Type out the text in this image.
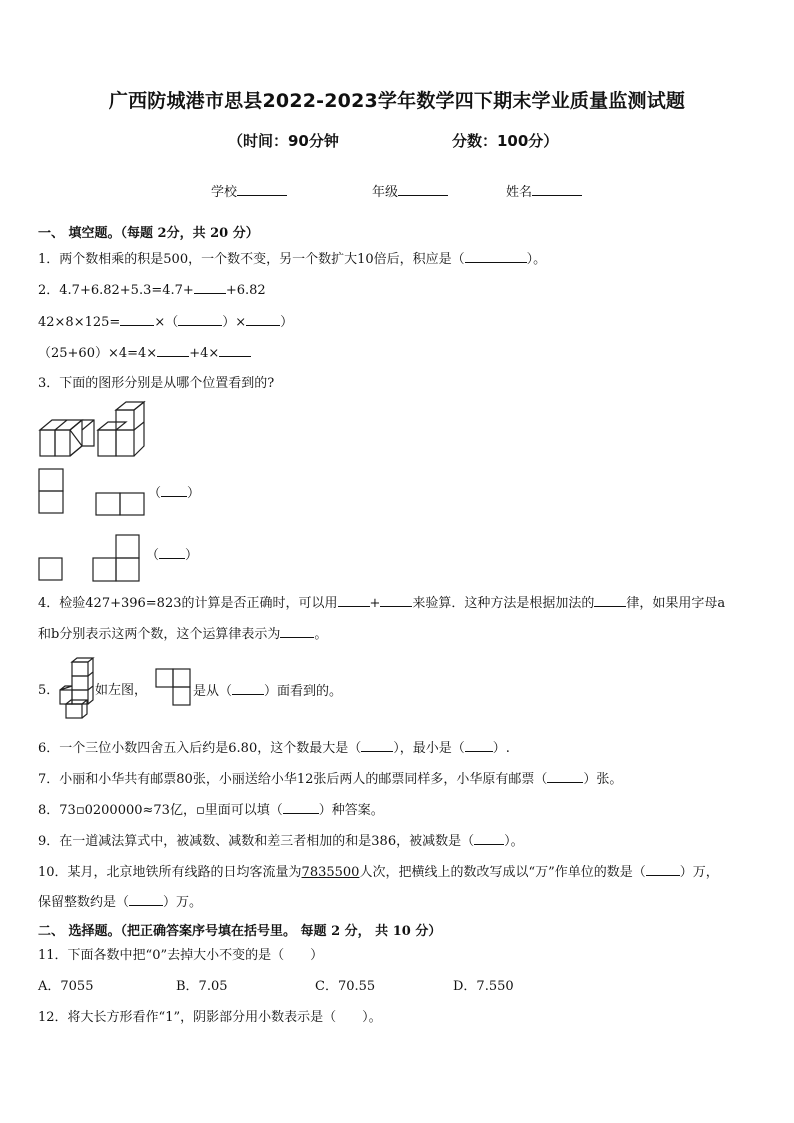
广西防城港市思县2022-2023学年数学四下期末学业质量监测试题
（时间：90分钟	分数：100分）
学校	年级	姓名
一、 填空题。（每题 2分，共 20 分）
1．两个数相乘的积是500，一个数不变，另一个数扩大10倍后，积应是（	）。
2．4.7+6.82+5.3=4.7+ +6.82
42×8×125=	×（	）×	）
（25+60）×4=4× +4×
3．下面的图形分别是从哪个位置看到的?
（ ）
（ ）
4．检验427+396=823的计算是否正确时，可以用 + 来验算．这种方法是根据加法的 律，如果用字母a
和b分别表示这两个数，这个运算律表示为	。
5．	如左图，	是从（ ）面看到的。
6．一个三位小数四舍五入后约是6.80，这个数最大是（ ），最小是（ ）.
7．小丽和小华共有邮票80张，小丽送给小华12张后两人的邮票同样多，小华原有邮票（	）张。
8．73▫0200000≈73亿，▫里面可以填（	）种答案。
9．在一道减法算式中，被减数、减数和差三者相加的和是386，被减数是（ ）。
10．某月，北京地铁所有线路的日均客流量为7835500人次，把横线上的数改写成以“万”作单位的数是（	）万，
保留整数约是（	）万。
二、 选择题。（把正确答案序号填在括号里。 每题 2 分， 共 10 分）
11．下面各数中把“0”去掉大小不变的是（　　）
A．7055	B．7.05	C．70.55	D．7.550
12．将大长方形看作“1”，阴影部分用小数表示是（　　）。
